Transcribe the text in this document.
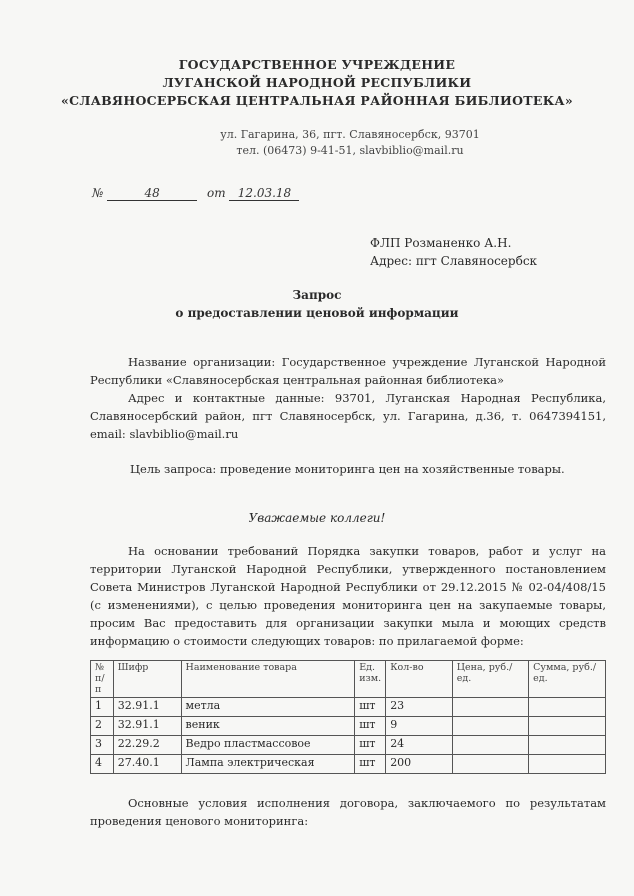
ГОСУДАРСТВЕННОЕ УЧРЕЖДЕНИЕ
ЛУГАНСКОЙ НАРОДНОЙ РЕСПУБЛИКИ
«СЛАВЯНОСЕРБСКАЯ ЦЕНТРАЛЬНАЯ РАЙОННАЯ БИБЛИОТЕКА»
ул. Гагарина, 36, пгт. Славяносербск, 93701
тел. (06473) 9-41-51, slavbiblio@mail.ru
№	48	от 12.03.18
ФЛП Розманенко А.Н.
Адрес: пгт Славяносербск
Запрос
о предоставлении ценовой информации
Название организации: Государственное учреждение Луганской Народной Республики «Славяносербская центральная районная библиотека»
Адрес и контактные данные: 93701, Луганская Народная Республика, Славяносербский район, пгт Славяносербск, ул. Гагарина, д.36, т. 0647394151, email: slavbiblio@mail.ru
Цель запроса: проведение мониторинга цен на хозяйственные товары.
Уважаемые коллеги!
На основании требований Порядка закупки товаров, работ и услуг на территории Луганской Народной Республики, утвержденного постановлением Совета Министров Луганской Народной Республики от 29.12.2015 № 02-04/408/15 (с изменениями), с целью проведения мониторинга цен на закупаемые товары, просим Вас предоставить для организации закупки мыла и моющих средств информацию о стоимости следующих товаров: по прилагаемой форме:
№ п/п	Шифр	Наименование товара	Ед. изм.	Кол-во	Цена, руб./ед.	Сумма, руб./ед.
1	32.91.1	метла	шт	23		
2	32.91.1	веник	шт	9		
3	22.29.2	Ведро пластмассовое	шт	24		
4	27.40.1	Лампа электрическая	шт	200		
Основные условия исполнения договора, заключаемого по результатам проведения ценового мониторинга:
